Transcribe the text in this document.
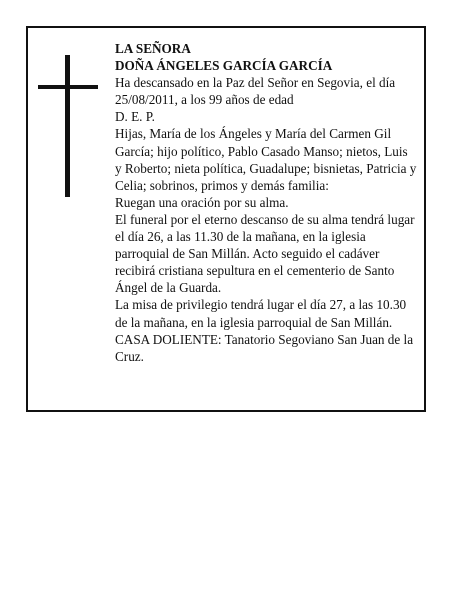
LA SEÑORA

DOÑA ÁNGELES GARCÍA GARCÍA

Ha descansado en la Paz del Señor en Segovia, el día 25/08/2011, a los 99 años de edad

D. E. P.

Hijas, María de los Ángeles y María del Carmen Gil García; hijo político, Pablo Casado Manso; nietos, Luis y Roberto; nieta política, Guadalupe; bisnietas, Patricia y Celia; sobrinos, primos y demás familia:

Ruegan una oración por su alma.

El funeral por el eterno descanso de su alma tendrá lugar el día 26, a las 11.30 de la mañana, en la iglesia parroquial de San Millán. Acto seguido el cadáver recibirá cristiana sepultura en el cementerio de Santo Ángel de la Guarda.

La misa de privilegio tendrá lugar el día 27, a las 10.30 de la mañana, en la iglesia parroquial de San Millán.

CASA DOLIENTE: Tanatorio Segoviano San Juan de la Cruz.
